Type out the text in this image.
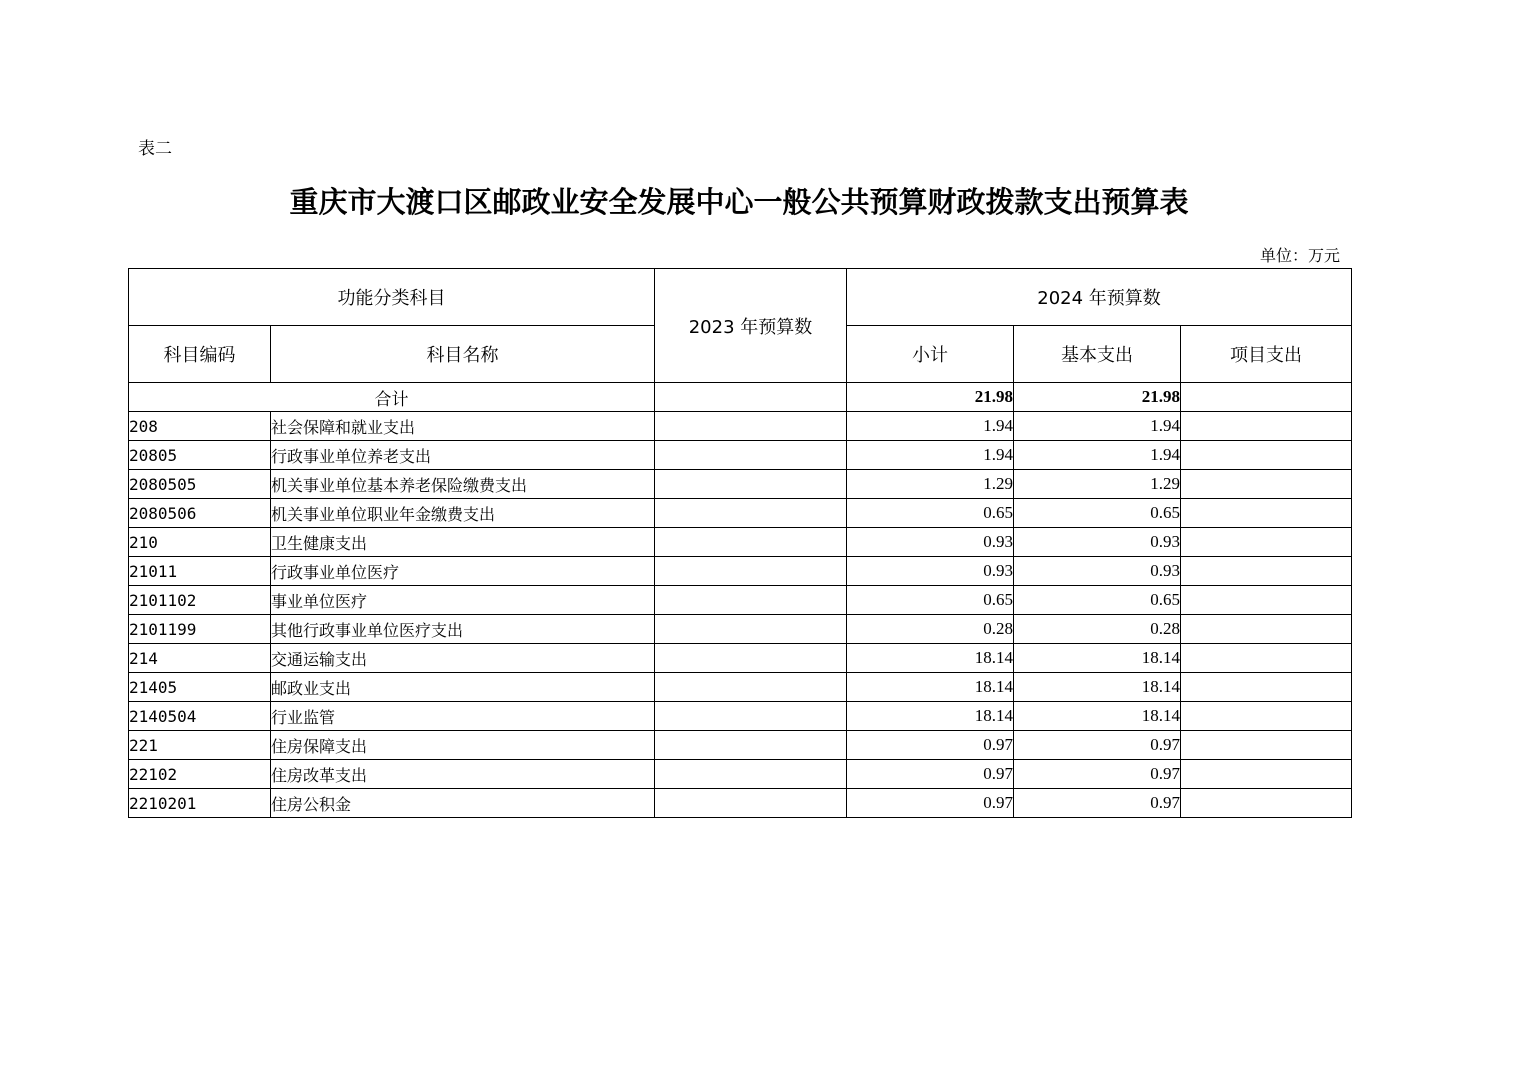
表二
重庆市大渡口区邮政业安全发展中心一般公共预算财政拨款支出预算表
单位：万元
功能分类科目		2023 年预算数	2024 年预算数		
科目编码	科目名称		小计	基本支出	项目支出
合计			21.98	21.98	
208	社会保障和就业支出		1.94	1.94	
20805	行政事业单位养老支出		1.94	1.94	
2080505	机关事业单位基本养老保险缴费支出		1.29	1.29	
2080506	机关事业单位职业年金缴费支出		0.65	0.65	
210	卫生健康支出		0.93	0.93	
21011	行政事业单位医疗		0.93	0.93	
2101102	事业单位医疗		0.65	0.65	
2101199	其他行政事业单位医疗支出		0.28	0.28	
214	交通运输支出		18.14	18.14	
21405	邮政业支出		18.14	18.14	
2140504	行业监管		18.14	18.14	
221	住房保障支出		0.97	0.97	
22102	住房改革支出		0.97	0.97	
2210201	住房公积金		0.97	0.97	
